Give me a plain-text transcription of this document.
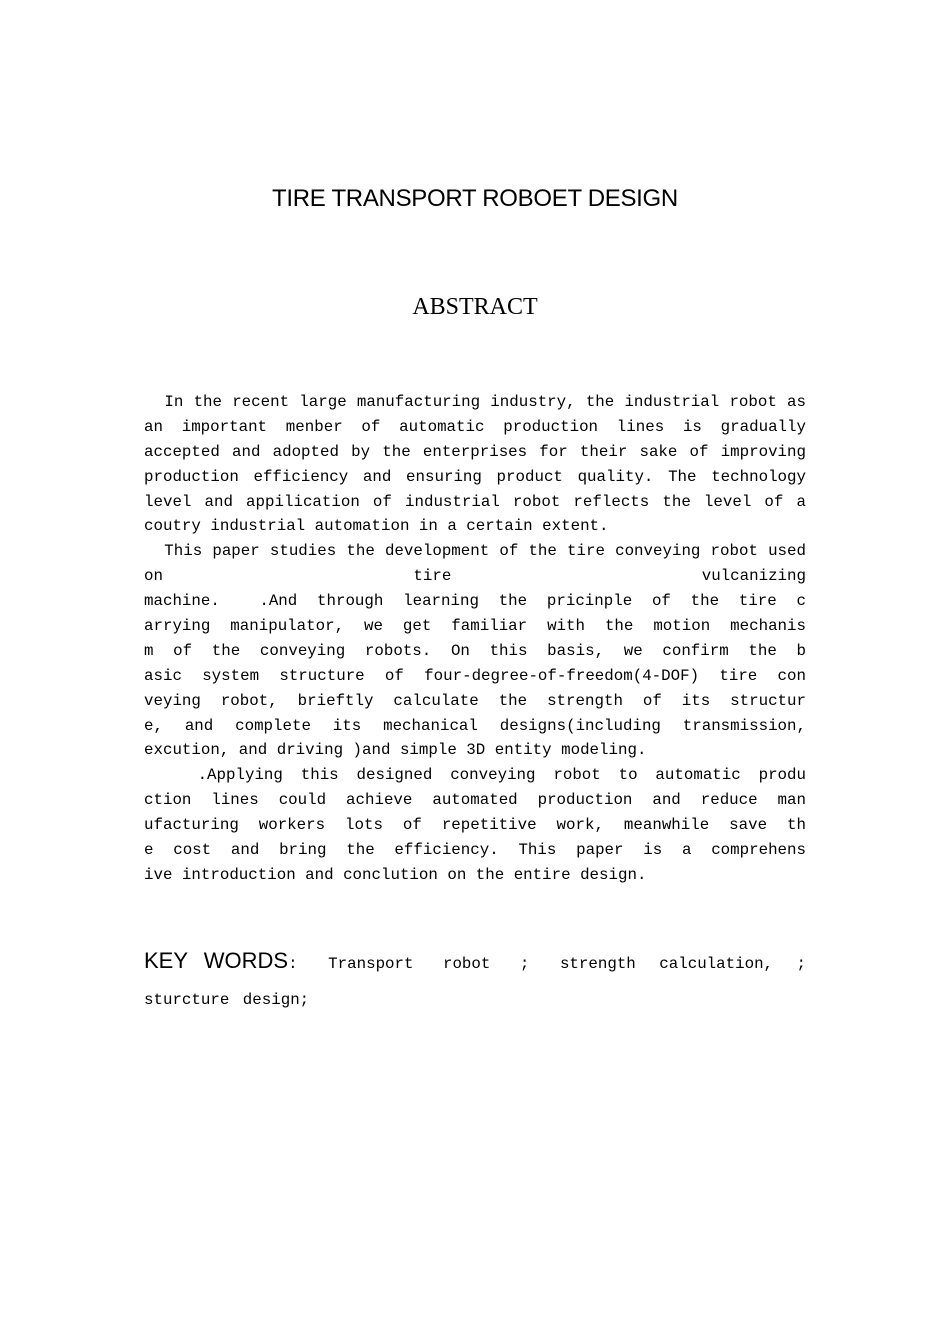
TIRE TRANSPORT ROBOET DESIGN
ABSTRACT
In the recent large manufacturing industry, the industrial robot as
an important menber of automatic production lines is gradually
accepted and adopted by the enterprises for their sake of improving
production efficiency and ensuring product quality. The technology
level and appilication of industrial robot reflects the level of a
coutry industrial automation in a certain extent.
This paper studies the development of the tire conveying robot used
on tire vulcanizing
machine.  .And through learning the pricinple of the tire c
arrying manipulator, we get familiar with the motion mechanis
m of the conveying robots. On this basis, we confirm the b
asic system structure of four-degree-of-freedom(4-DOF) tire con
veying robot, brieftly calculate the strength of its structur
e, and complete its mechanical designs(including transmission,
excution, and driving )and simple 3D entity modeling.
.Applying this designed conveying robot to automatic produ
ction lines could achieve automated production and reduce man
ufacturing workers lots of repetitive work, meanwhile save th
e cost and bring the efficiency. This paper is a comprehens
ive introduction and conclution on the entire design.
KEY WORDS: Transport robot ; strength calculation, ;
sturcture design;
